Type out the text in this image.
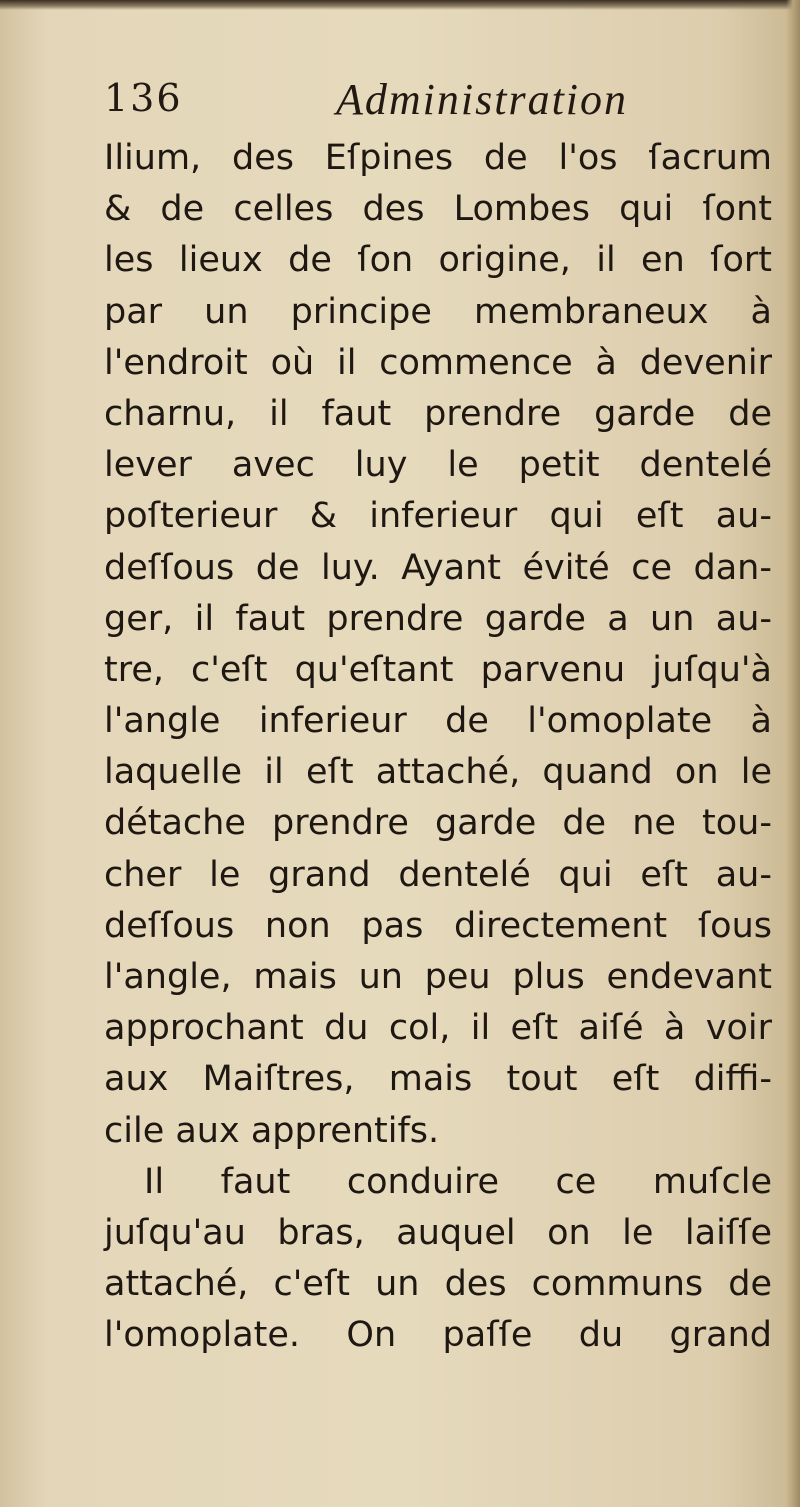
136	Administration
Ilium, des Eſpines de l'os ſacrum
& de celles des Lombes qui ſont
les lieux de ſon origine, il en ſort
par un principe membraneux à
l'endroit où il commence à devenir
charnu, il faut prendre garde de
lever avec luy le petit dentelé
poſterieur & inferieur qui eſt au-
deſſous de luy. Ayant évité ce dan-
ger, il faut prendre garde a un au-
tre, c'eſt qu'eſtant parvenu juſqu'à
l'angle inferieur de l'omoplate à
laquelle il eſt attaché, quand on le
détache prendre garde de ne tou-
cher le grand dentelé qui eſt au-
deſſous non pas directement ſous
l'angle, mais un peu plus endevant
approchant du col, il eſt aiſé à voir
aux Maiſtres, mais tout eſt diffi-
cile aux apprentifs.
Il faut conduire ce muſcle
juſqu'au bras, auquel on le laiſſe
attaché, c'eſt un des communs de
l'omoplate. On paſſe du grand
